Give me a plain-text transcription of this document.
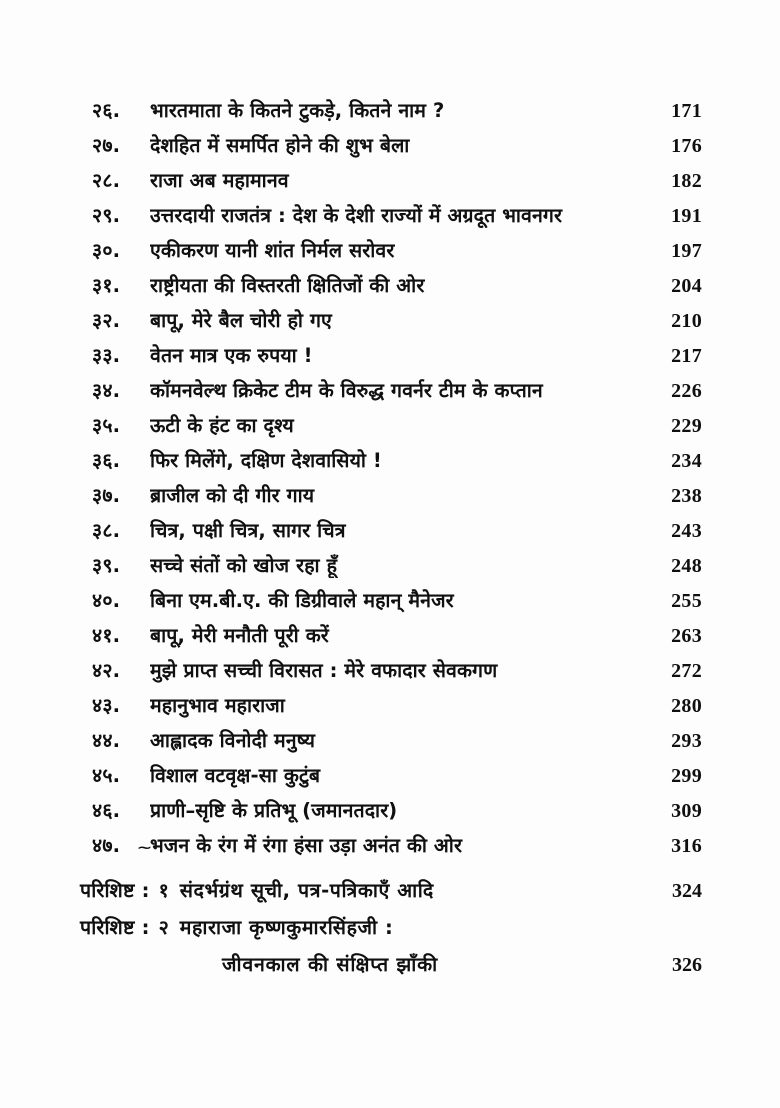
२६.	भारतमाता के कितने टुकड़े, कितने नाम ?	171
२७.	देशहित में समर्पित होने की शुभ बेला	176
२८.	राजा अब महामानव	182
२९.	उत्तरदायी राजतंत्र : देश के देशी राज्यों में अग्रदूत भावनगर	191
३०.	एकीकरण यानी शांत निर्मल सरोवर	197
३१.	राष्ट्रीयता की विस्तरती क्षितिजों की ओर	204
३२.	बापू, मेरे बैल चोरी हो गए	210
३३.	वेतन मात्र एक रुपया !	217
३४.	कॉमनवेल्थ क्रिकेट टीम के विरुद्ध गवर्नर टीम के कप्तान	226
३५.	ऊटी के हंट का दृश्य	229
३६.	फिर मिलेंगे, दक्षिण देशवासियो !	234
३७.	ब्राजील को दी गीर गाय	238
३८.	चित्र, पक्षी चित्र, सागर चित्र	243
३९.	सच्चे संतों को खोज रहा हूँ	248
४०.	बिना एम.बी.ए. की डिग्रीवाले महान् मैनेजर	255
४१.	बापू, मेरी मनौती पूरी करें	263
४२.	मुझे प्राप्त सच्ची विरासत : मेरे वफादार सेवकगण	272
४३.	महानुभाव महाराजा	280
४४.	आह्लादक विनोदी मनुष्य	293
४५.	विशाल वटवृक्ष-सा कुटुंब	299
४६.	प्राणी–सृष्टि के प्रतिभू (जमानतदार)	309
४७.	⁓ भजन के रंग में रंगा हंसा उड़ा अनंत की ओर	316
परिशिष्ट : १ संदर्भग्रंथ सूची, पत्र-पत्रिकाएँ आदि	324
परिशिष्ट : २ महाराजा कृष्णकुमारसिंहजी :
जीवनकाल की संक्षिप्त झाँकी	326
